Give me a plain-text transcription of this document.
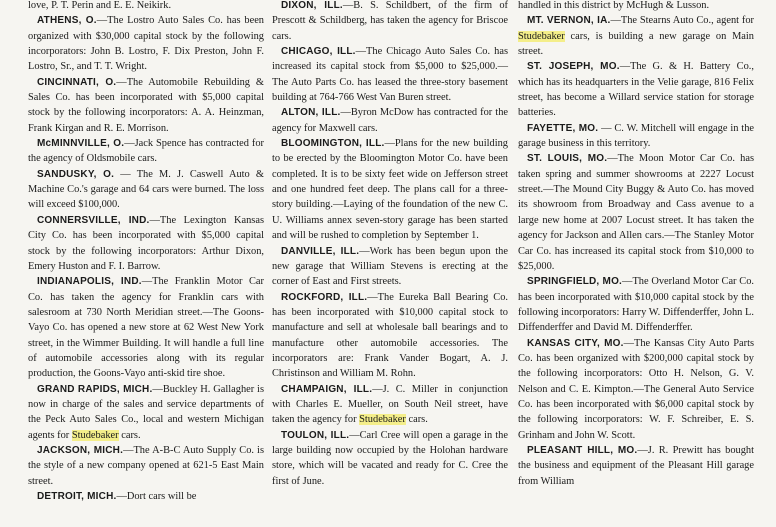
love, P. T. Perin and E. E. Neikirk.

ATHENS, O.—The Lostro Auto Sales Co. has been organized with $30,000 capital stock by the following incorporators: John B. Lostro, F. Dix Preston, John F. Lostro, Sr., and T. T. Wright.

CINCINNATI, O.—The Automobile Rebuilding & Sales Co. has been incorporated with $5,000 capital stock by the following incorporators: A. A. Heinzman, Frank Kirgan and R. E. Morrison.

McMINNVILLE, O.—Jack Spence has contracted for the agency of Oldsmobile cars.

SANDUSKY, O. — The M. J. Caswell Auto & Machine Co.'s garage and 64 cars were burned. The loss will exceed $100,000.

CONNERSVILLE, IND.—The Lexington Kansas City Co. has been incorporated with $5,000 capital stock by the following incorporators: Arthur Dixon, Emery Huston and F. I. Barrow.

INDIANAPOLIS, IND.—The Franklin Motor Car Co. has taken the agency for Franklin cars with salesroom at 730 North Meridian street.—The Goons-Vayo Co. has opened a new store at 62 West New York street, in the Wimmer Building. It will handle a full line of automobile accessories along with its regular production, the Goons-Vayo anti-skid tire shoe.

GRAND RAPIDS, MICH.—Buckley H. Gallagher is now in charge of the sales and service departments of the Peck Auto Sales Co., local and western Michigan agents for Studebaker cars.

JACKSON, MICH.—The A-B-C Auto Supply Co. is the style of a new company opened at 621-5 East Main street.

DETROIT, MICH.—Dort cars will be

DIXON, ILL.—B. S. Schildbert, of the firm of Prescott & Schildberg, has taken the agency for Briscoe cars.

CHICAGO, ILL.—The Chicago Auto Sales Co. has increased its capital stock from $5,000 to $25,000.—The Auto Parts Co. has leased the three-story basement building at 764-766 West Van Buren street.

ALTON, ILL.—Byron McDow has contracted for the agency for Maxwell cars.

BLOOMINGTON, ILL.—Plans for the new building to be erected by the Bloomington Motor Co. have been completed. It is to be sixty feet wide on Jefferson street and one hundred feet deep. The plans call for a three-story building.—Laying of the foundation of the new C. U. Williams annex seven-story garage has been started and will be rushed to completion by September 1.

DANVILLE, ILL.—Work has been begun upon the new garage that William Stevens is erecting at the corner of East and First streets.

ROCKFORD, ILL.—The Eureka Ball Bearing Co. has been incorporated with $10,000 capital stock to manufacture and sell at wholesale ball bearings and to manufacture other automobile accessories. The incorporators are: Frank Vander Bogart, A. J. Christinson and William M. Rohn.

CHAMPAIGN, ILL.—J. C. Miller in conjunction with Charles E. Mueller, on South Neil street, have taken the agency for Studebaker cars.

TOULON, ILL.—Carl Cree will open a garage in the large building now occupied by the Holohan hardware store, which will be vacated and ready for C. Cree the first of June.

handled in this district by McHugh & Lusson.

MT. VERNON, IA.—The Stearns Auto Co., agent for Studebaker cars, is building a new garage on Main street.

ST. JOSEPH, MO.—The G. & H. Battery Co., which has its headquarters in the Velie garage, 816 Felix street, has become a Willard service station for storage batteries.

FAYETTE, MO. — C. W. Mitchell will engage in the garage business in this territory.

ST. LOUIS, MO.—The Moon Motor Car Co. has taken spring and summer showrooms at 2227 Locust street.—The Mound City Buggy & Auto Co. has moved its showroom from Broadway and Cass avenue to a large new home at 2007 Locust street. It has taken the agency for Jackson and Allen cars.—The Stanley Motor Car Co. has increased its capital stock from $10,000 to $25,000.

SPRINGFIELD, MO.—The Overland Motor Car Co. has been incorporated with $10,000 capital stock by the following incorporators: Harry W. Diffenderffer, John L. Diffenderffer and David M. Diffenderffer.

KANSAS CITY, MO.—The Kansas City Auto Parts Co. has been organized with $200,000 capital stock by the following incorporators: Otto H. Nelson, G. V. Nelson and C. E. Kimpton.—The General Auto Service Co. has been incorporated with $6,000 capital stock by the following incorporators: W. F. Schreiber, E. S. Grinham and John W. Scott.

PLEASANT HILL, MO.—J. R. Prewitt has bought the business and equipment of the Pleasant Hill garage from William
